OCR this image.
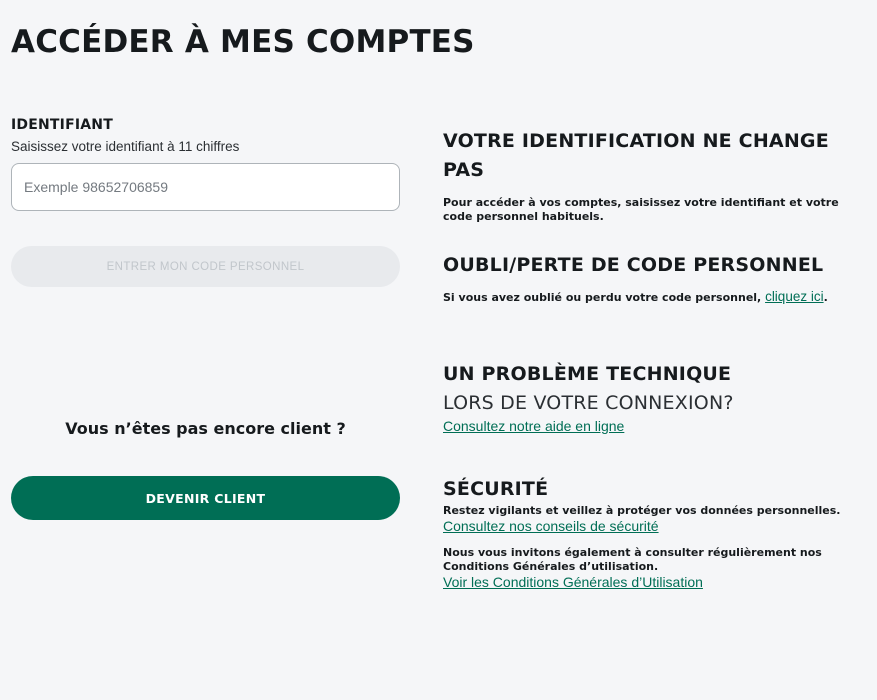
ACCÉDER À MES COMPTES
IDENTIFIANT
Saisissez votre identifiant à 11 chiffres
Exemple 98652706859 ENTRER MON CODE PERSONNEL

Vous n’êtes pas encore client ?

DEVENIR CLIENT
VOTRE IDENTIFICATION NE CHANGE PAS

Pour accéder à vos comptes, saisissez votre identifiant et votre code personnel habituels.

OUBLI/PERTE DE CODE PERSONNEL

Si vous avez oublié ou perdu votre code personnel, cliquez ici.

UN PROBLÈME TECHNIQUE
LORS DE VOTRE CONNEXION?
Consultez notre aide en ligne
SÉCURITÉ

Restez vigilants et veillez à protéger vos données personnelles.

Consultez nos conseils de sécurité

Nous vous invitons également à consulter régulièrement nos Conditions Générales d’utilisation.

Voir les Conditions Générales d’Utilisation
